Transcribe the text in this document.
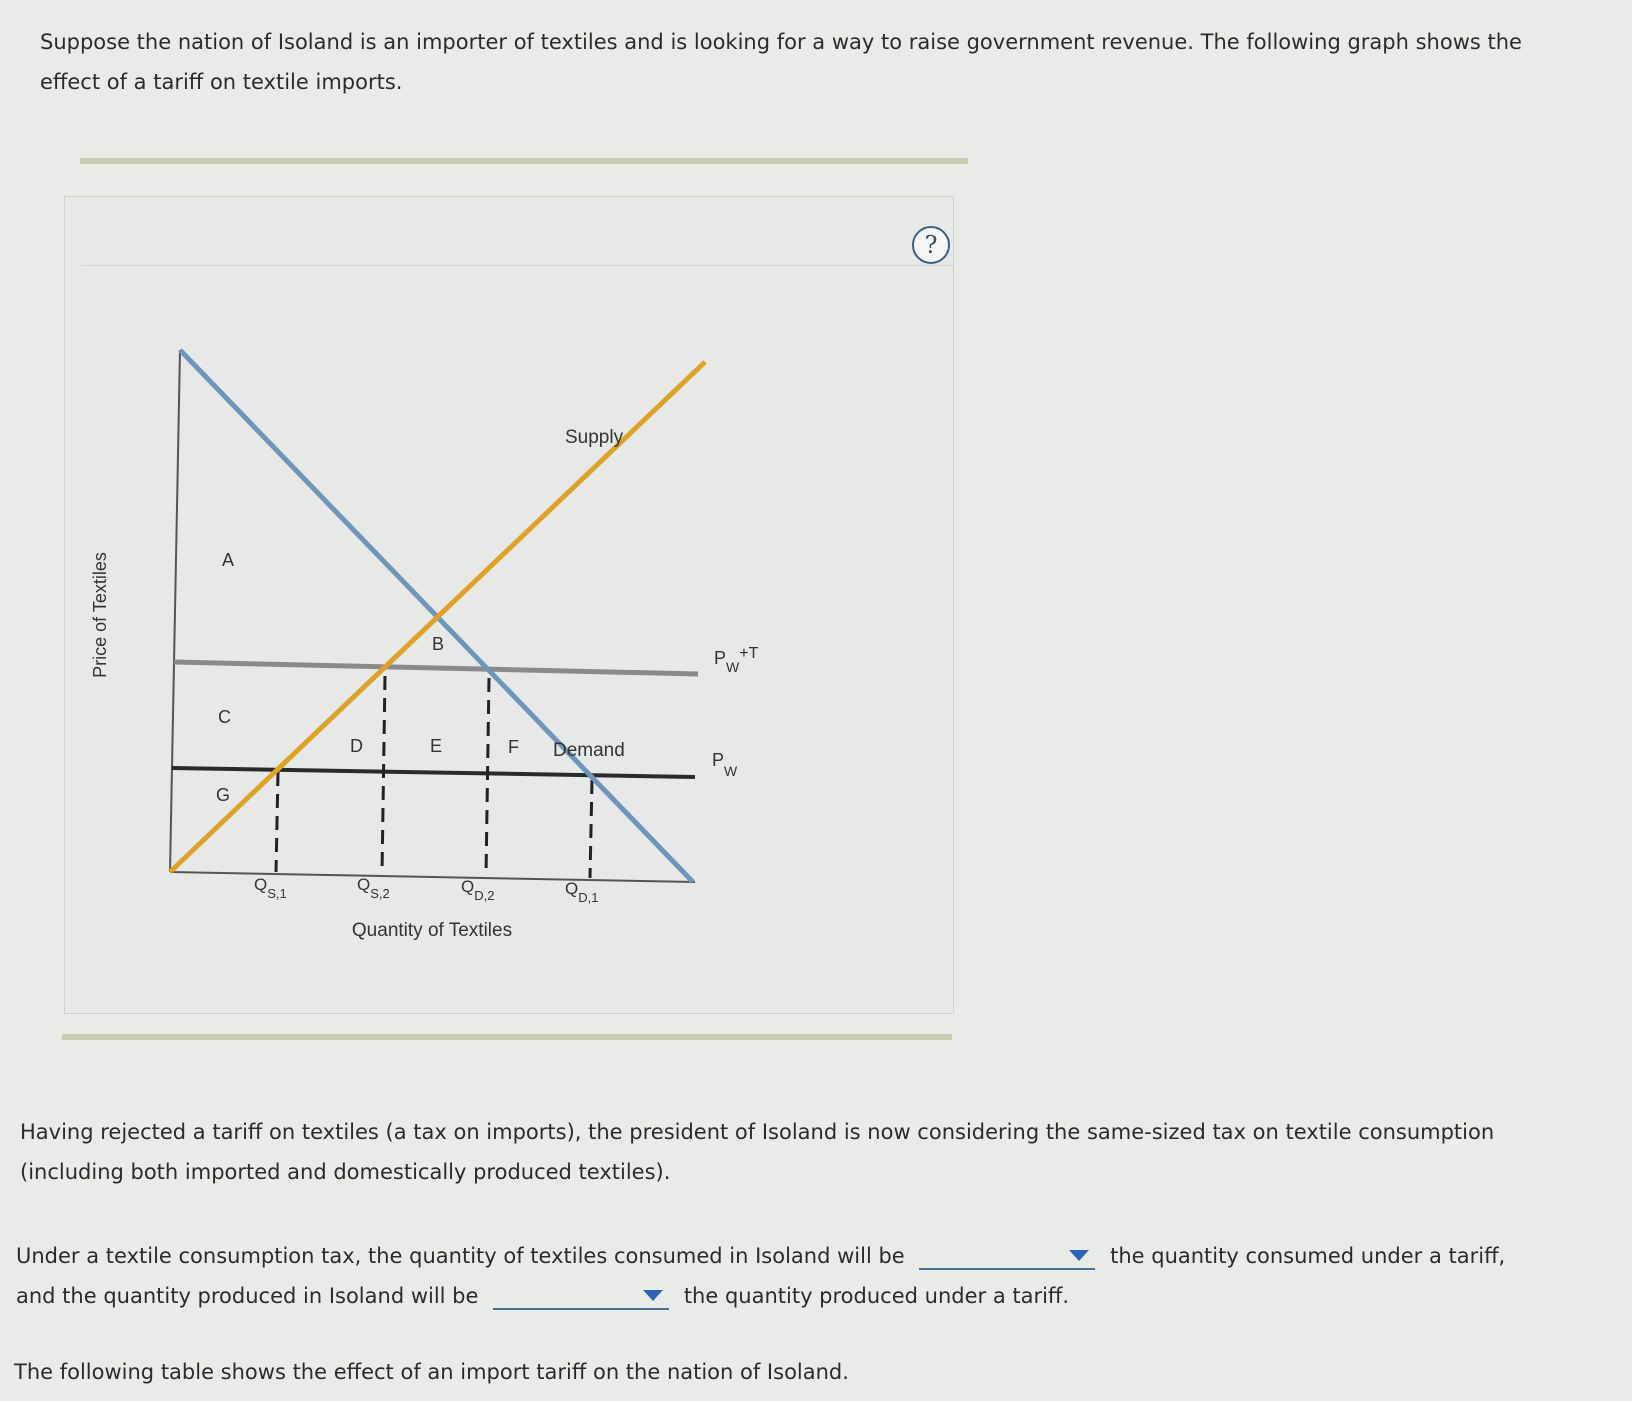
Suppose the nation of Isoland is an importer of textiles and is looking for a way to raise government revenue. The following graph shows the effect of a tariff on textile imports.
?
Price of Textiles
Supply
Demand
A
B
C
D	E	F
G
$P_W+T$
$P_W$
$Q_{S,1}$	$Q_{S,2}$	$Q_{D,2}$	$Q_{D,1}$
Quantity of Textiles
Having rejected a tariff on textiles (a tax on imports), the president of Isoland is now considering the same-sized tax on textile consumption (including both imported and domestically produced textiles).
Under a textile consumption tax, the quantity of textiles consumed in Isoland will be	the quantity consumed under a tariff, and the quantity produced in Isoland will be	the quantity produced under a tariff.
The following table shows the effect of an import tariff on the nation of Isoland.
